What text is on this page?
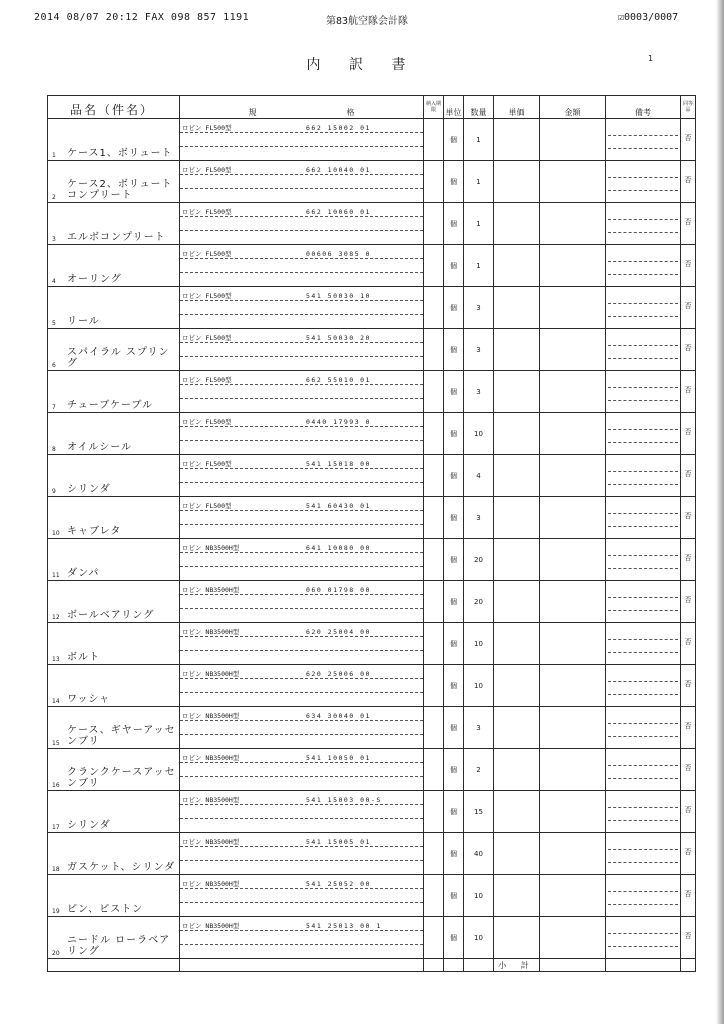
2014 08/07 20:12 FAX 098 857 1191	第83航空隊会計隊	☑0003/0007
内 訳 書	1
品名（件名）	規 格	納入期限	単位	数量	単価	金額	備考	同等品

1 ケース1、ボリュート	ロビン FL500型 662 15002 01		個	1				否

2
ケース2、ボリュートコンプリート	ロビン FL500型 662 10040 01		個	1				否

3 エルボコンプリート	ロビン FL500型 662 10060 01		個	1				否

4 オーリング	ロビン FL500型 00606 3085 0		個	1				否

5 リール	ロビン FL500型 541 50030 10		個	3				否

6
スパイラル スプリング	ロビン FL500型 541 50030 20		個	3				否

7 チューブケーブル	ロビン FL500型 662 55010 01		個	3				否

8 オイルシール	ロビン FL500型 0440 17993 0		個	10				否

9 シリンダ	ロビン FL500型 541 15018 00		個	4				否

10 キャブレタ	ロビン FL500型 541 60430 01		個	3				否

11 ダンパ	ロビン NB3500H型 641 10080 00		個	20				否

12 ボールベアリング	ロビン NB3500H型 060 01798 00		個	20				否

13 ボルト	ロビン NB3500H型 620 25004 00		個	10				否

14 ワッシャ	ロビン NB3500H型 620 25006 00		個	10				否

15
ケース、ギヤーアッセンブリ	ロビン NB3500H型 634 30040 01		個	3				否

16
クランクケースアッセンブリ	ロビン NB3500H型 541 10050 01		個	2				否

17 シリンダ	ロビン NB3500H型 541 15003 00-S		個	15				否

18 ガスケット、シリンダ	ロビン NB3500H型 541 15005 01		個	40				否

19 ピン、ピストン	ロビン NB3500H型 541 25052 00		個	10				否

20
ニードル ローラベアリング	ロビン NB3500H型 541 25013 00 1		個	10				否
					小 計			
